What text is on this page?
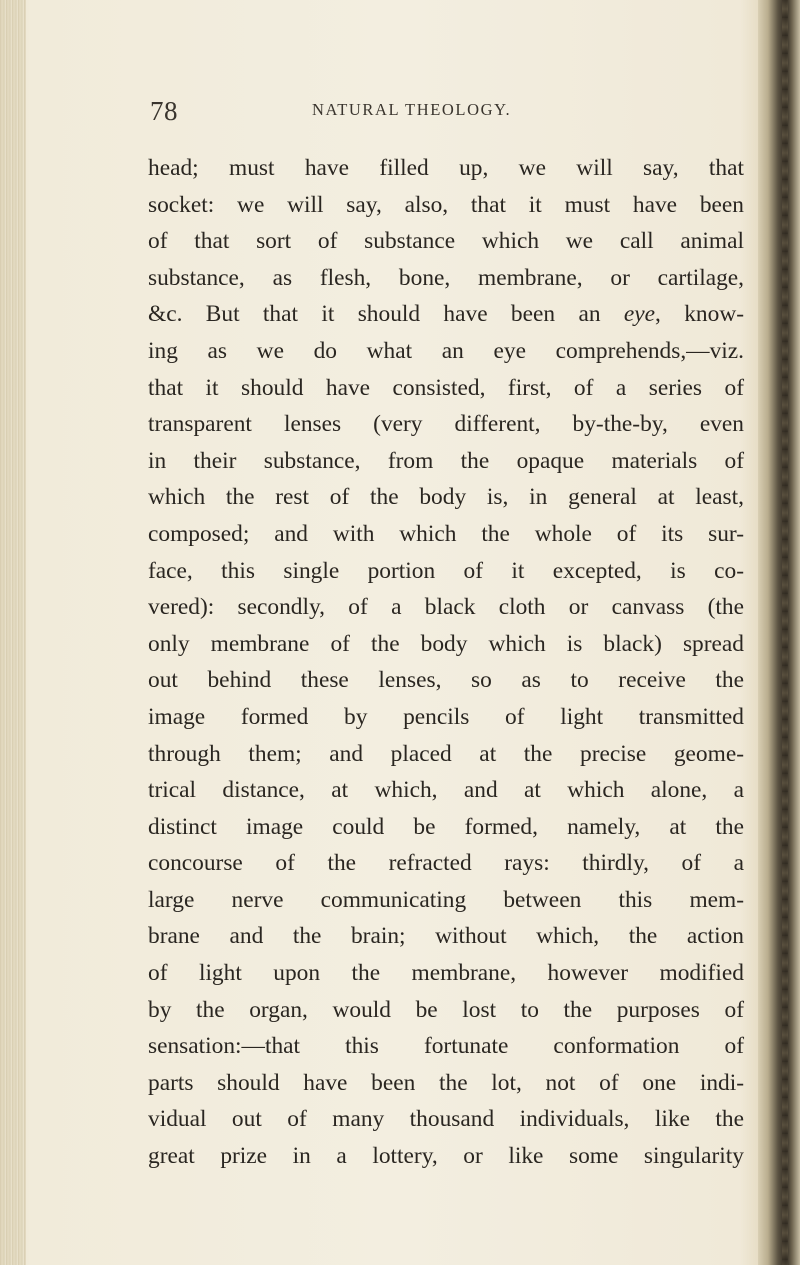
78	NATURAL THEOLOGY.
head; must have filled up, we will say, that
socket: we will say, also, that it must have been
of that sort of substance which we call animal
substance, as flesh, bone, membrane, or cartilage,
&c. But that it should have been an eye, know-
ing as we do what an eye comprehends,—viz.
that it should have consisted, first, of a series of
transparent lenses (very different, by-the-by, even
in their substance, from the opaque materials of
which the rest of the body is, in general at least,
composed; and with which the whole of its sur-
face, this single portion of it excepted, is co-
vered): secondly, of a black cloth or canvass (the
only membrane of the body which is black) spread
out behind these lenses, so as to receive the
image formed by pencils of light transmitted
through them; and placed at the precise geome-
trical distance, at which, and at which alone, a
distinct image could be formed, namely, at the
concourse of the refracted rays: thirdly, of a
large nerve communicating between this mem-
brane and the brain; without which, the action
of light upon the membrane, however modified
by the organ, would be lost to the purposes of
sensation:—that this fortunate conformation of
parts should have been the lot, not of one indi-
vidual out of many thousand individuals, like the
great prize in a lottery, or like some singularity
